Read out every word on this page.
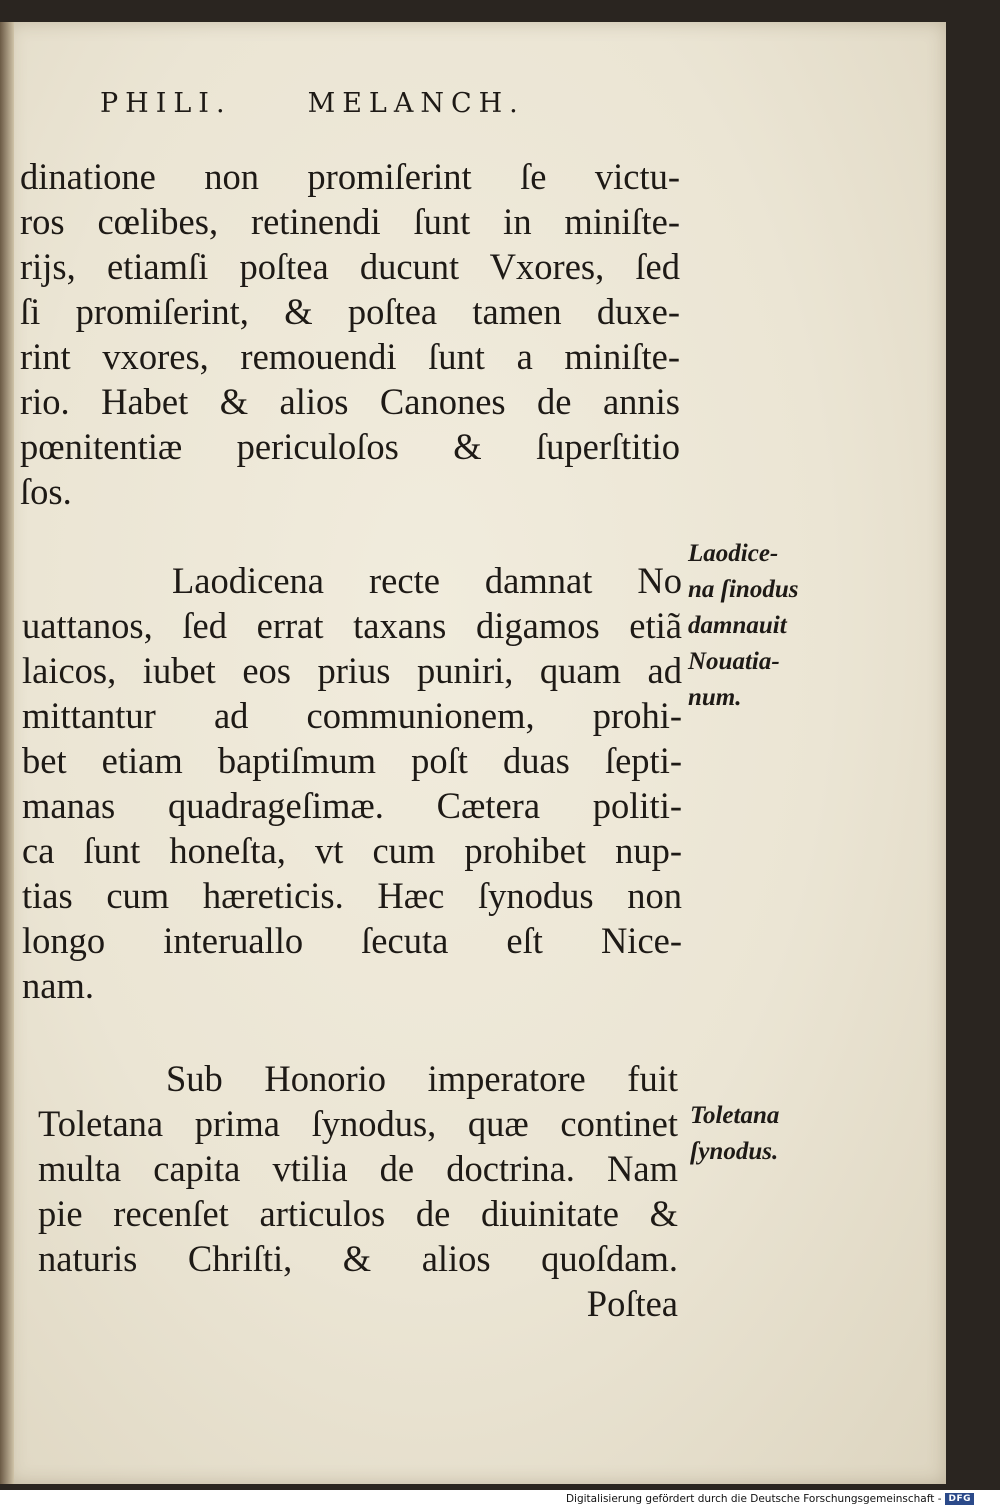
PHILI.	MELANCH.
dinatione non promiſerint ſe victu-
ros cœlibes, retinendi ſunt in miniſte-
rijs, etiamſi poſtea ducunt Vxores, ſed
ſi promiſerint, & poſtea tamen duxe-
rint vxores, remouendi ſunt a miniſte-
rio. Habet & alios Canones de annis
pœnitentiæ periculoſos & ſuperſtitio
ſos.
Laodicena recte damnat No
uattanos, ſed errat taxans digamos etiã
laicos, iubet eos prius puniri, quam ad
mittantur ad communionem, prohi-
bet etiam baptiſmum poſt duas ſepti-
manas quadrageſimæ. Cætera politi-
ca ſunt honeſta, vt cum prohibet nup-
tias cum hæreticis. Hæc ſynodus non
longo interuallo ſecuta eſt Nice-
nam.
Sub Honorio imperatore fuit
Toletana prima ſynodus, quæ continet
multa capita vtilia de doctrina. Nam
pie recenſet articulos de diuinitate &
naturis Chriſti, & alios quoſdam.
Poſtea
Laodice-
na ſinodus
damnauit
Nouatia-
num.
Toletana
ſynodus.
Digitalisierung gefördert durch die Deutsche Forschungsgemeinschaft - DFG
